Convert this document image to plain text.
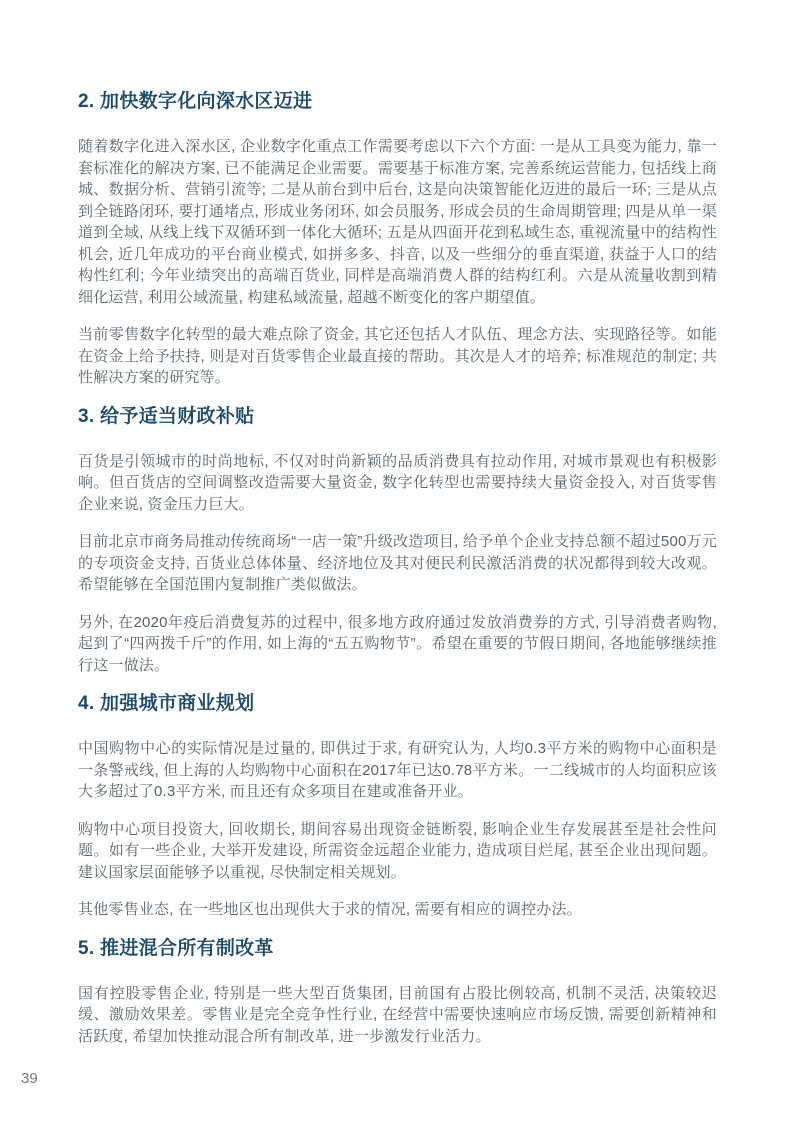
2. 加快数字化向深水区迈进

随着数字化进入深水区, 企业数字化重点工作需要考虑以下六个方面: 一是从工具变为能力, 靠一套标准化的解决方案, 已不能满足企业需要。需要基于标准方案, 完善系统运营能力, 包括线上商城、数据分析、营销引流等; 二是从前台到中后台, 这是向决策智能化迈进的最后一环; 三是从点到全链路闭环, 要打通堵点, 形成业务闭环, 如会员服务, 形成会员的生命周期管理; 四是从单一渠道到全域, 从线上线下双循环到一体化大循环; 五是从四面开花到私域生态, 重视流量中的结构性机会, 近几年成功的平台商业模式, 如拼多多、抖音, 以及一些细分的垂直渠道, 获益于人口的结构性红利; 今年业绩突出的高端百货业, 同样是高端消费人群的结构红利。六是从流量收割到精细化运营, 利用公域流量, 构建私域流量, 超越不断变化的客户期望值。

当前零售数字化转型的最大难点除了资金, 其它还包括人才队伍、理念方法、实现路径等。如能在资金上给予扶持, 则是对百货零售企业最直接的帮助。其次是人才的培养; 标准规范的制定; 共性解决方案的研究等。

3. 给予适当财政补贴

百货是引领城市的时尚地标, 不仅对时尚新颖的品质消费具有拉动作用, 对城市景观也有积极影响。但百货店的空间调整改造需要大量资金, 数字化转型也需要持续大量资金投入, 对百货零售企业来说, 资金压力巨大。

目前北京市商务局推动传统商场“一店一策”升级改造项目, 给予单个企业支持总额不超过500万元的专项资金支持, 百货业总体体量、经济地位及其对便民利民激活消费的状况都得到较大改观。希望能够在全国范围内复制推广类似做法。

另外, 在2020年疫后消费复苏的过程中, 很多地方政府通过发放消费券的方式, 引导消费者购物, 起到了“四两拨千斤”的作用, 如上海的“五五购物节”。希望在重要的节假日期间, 各地能够继续推行这一做法。

4. 加强城市商业规划

中国购物中心的实际情况是过量的, 即供过于求, 有研究认为, 人均0.3平方米的购物中心面积是一条警戒线, 但上海的人均购物中心面积在2017年已达0.78平方米。一二线城市的人均面积应该大多超过了0.3平方米, 而且还有众多项目在建或准备开业。

购物中心项目投资大, 回收期长, 期间容易出现资金链断裂, 影响企业生存发展甚至是社会性问题。如有一些企业, 大举开发建设, 所需资金远超企业能力, 造成项目烂尾, 甚至企业出现问题。建议国家层面能够予以重视, 尽快制定相关规划。

其他零售业态, 在一些地区也出现供大于求的情况, 需要有相应的调控办法。

5. 推进混合所有制改革

国有控股零售企业, 特别是一些大型百货集团, 目前国有占股比例较高, 机制不灵活, 决策较迟缓、激励效果差。零售业是完全竞争性行业, 在经营中需要快速响应市场反馈, 需要创新精神和活跃度, 希望加快推动混合所有制改革, 进一步激发行业活力。

39
